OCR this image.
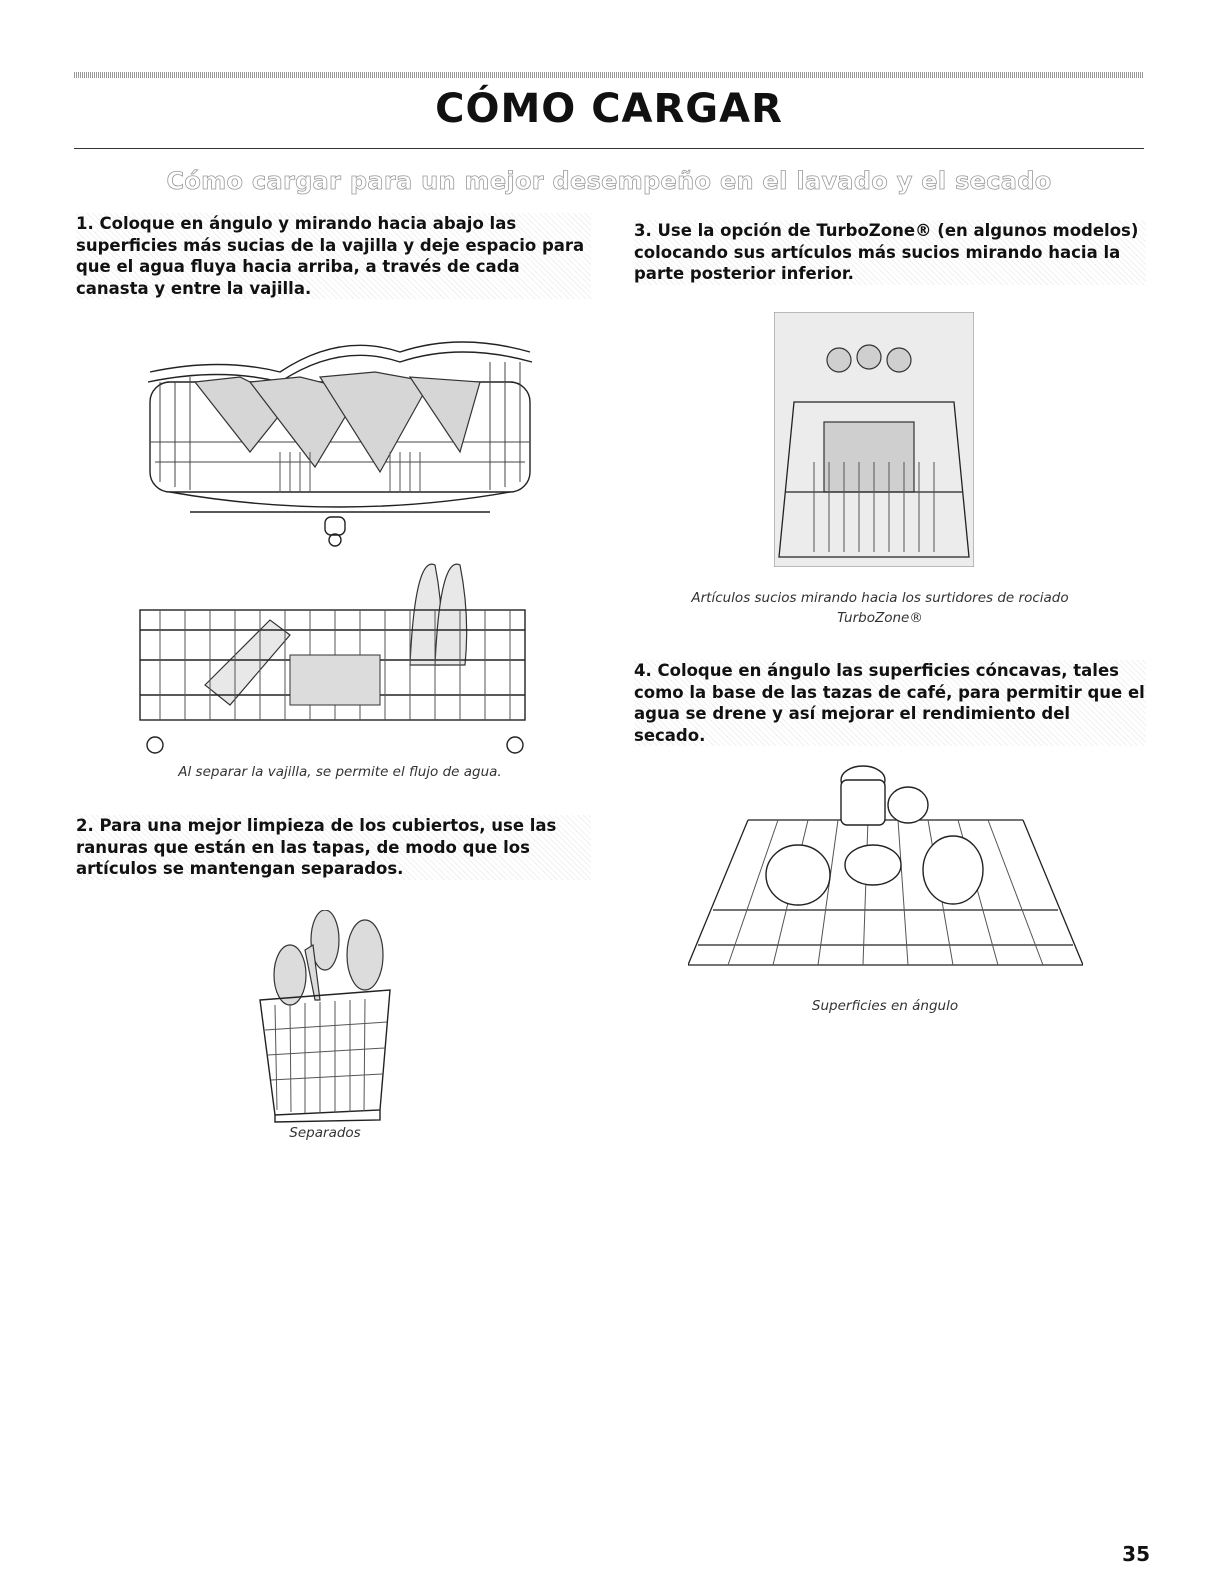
CÓMO CARGAR
Cómo cargar para un mejor desempeño en el lavado y el secado

1. Coloque en ángulo y mirando hacia abajo las superficies más sucias de la vajilla y deje espacio para que el agua fluya hacia arriba, a través de cada canasta y entre la vajilla.

Al separar la vajilla, se permite el flujo de agua.

2. Para una mejor limpieza de los cubiertos, use las ranuras que están en las tapas, de modo que los artículos se mantengan separados.

Separados

3. Use la opción de TurboZone® (en algunos modelos) colocando sus artículos más sucios mirando hacia la parte posterior inferior.

Artículos sucios mirando hacia los surtidores de rociado TurboZone®

4. Coloque en ángulo las superficies cóncavas, tales como la base de las tazas de café, para permitir que el agua se drene y así mejorar el rendimiento del secado.

Superficies en ángulo

35
